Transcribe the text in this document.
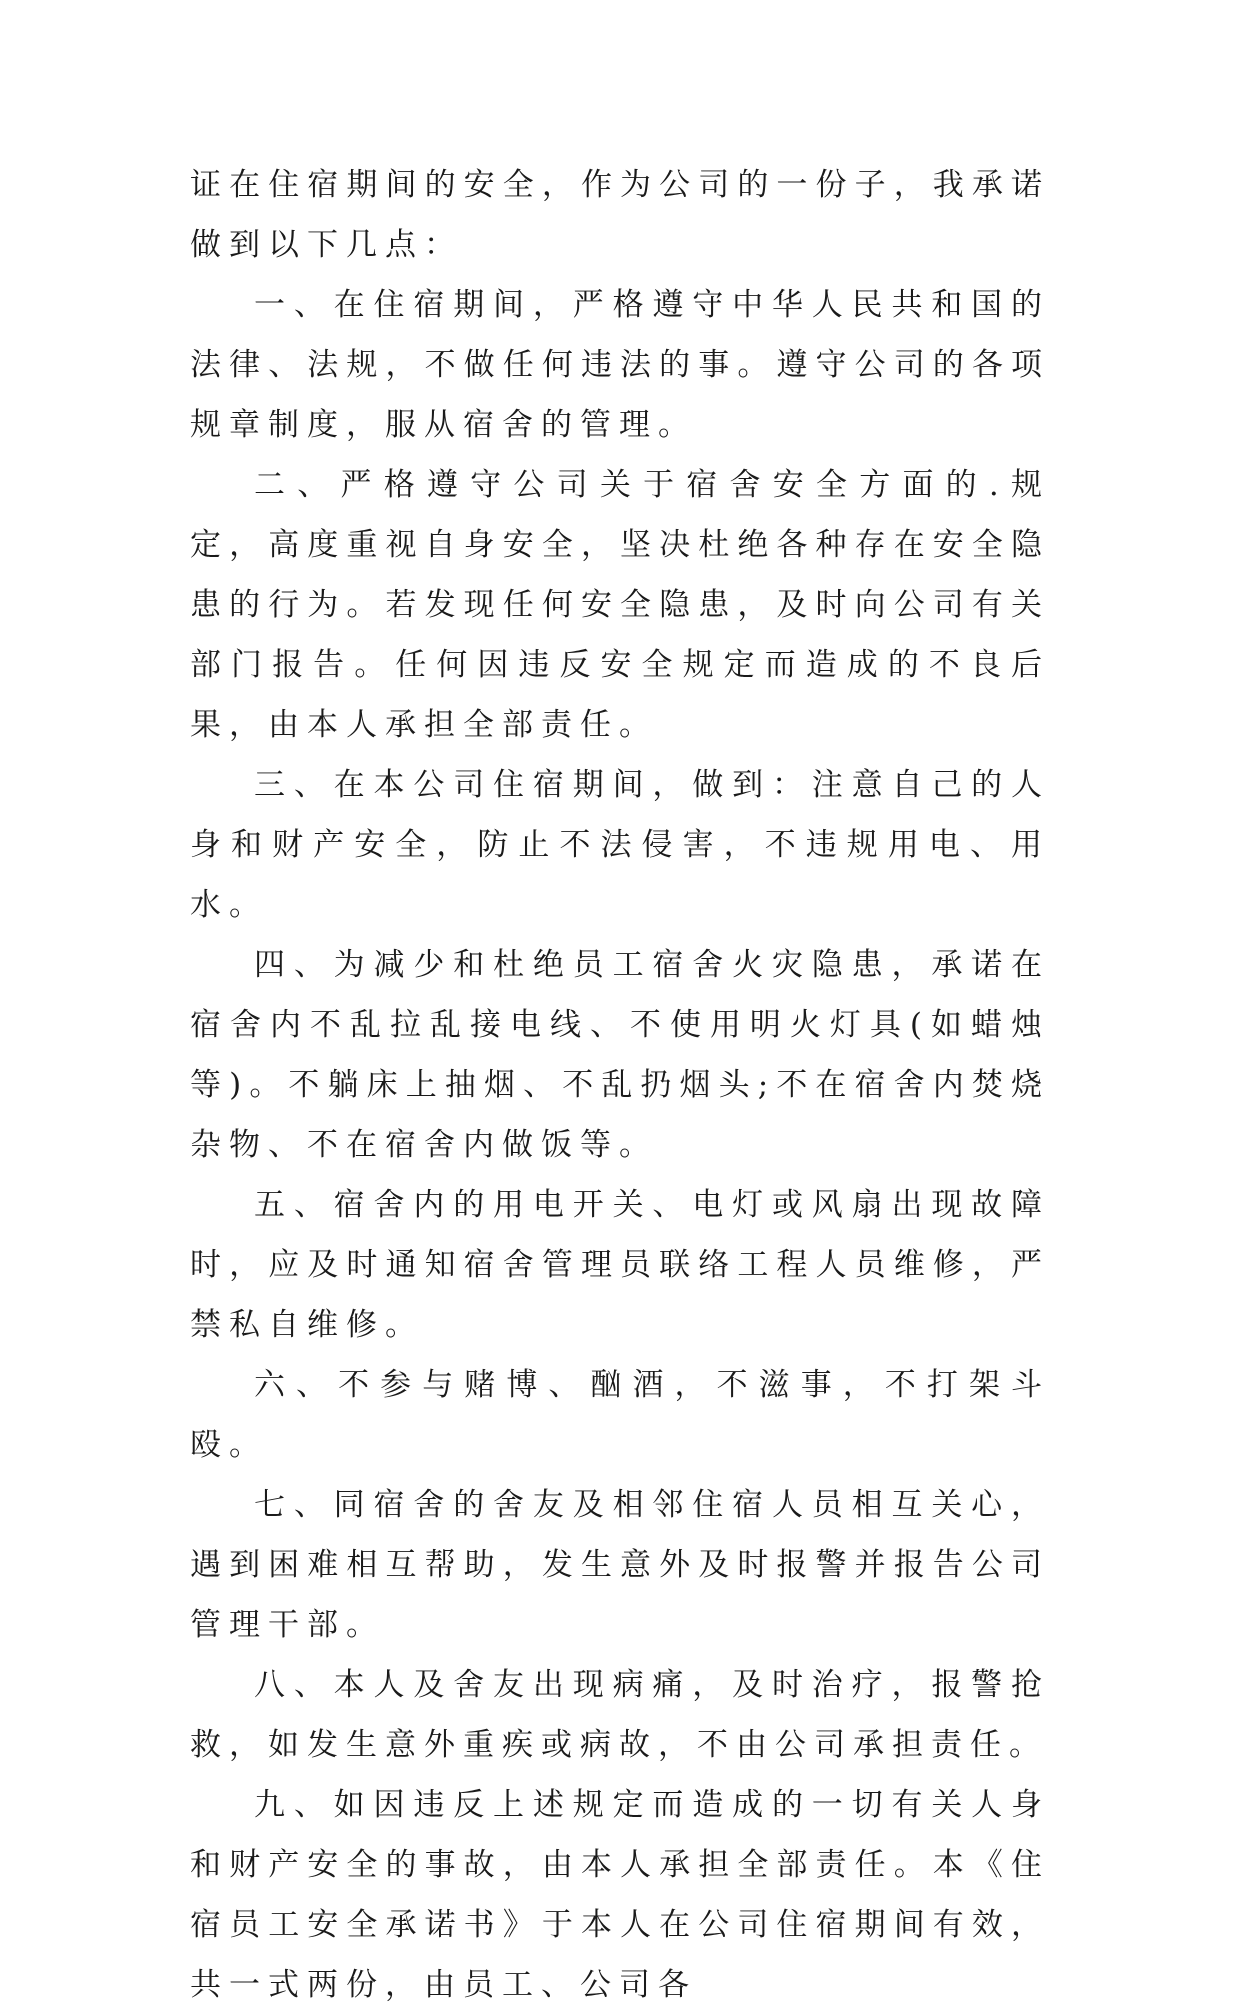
证在住宿期间的安全，作为公司的一份子，我承诺做到以下几点：

一、在住宿期间，严格遵守中华人民共和国的法律、法规，不做任何违法的事。遵守公司的各项规章制度，服从宿舍的管理。

二、严格遵守公司关于宿舍安全方面的.规定，高度重视自身安全，坚决杜绝各种存在安全隐患的行为。若发现任何安全隐患，及时向公司有关部门报告。任何因违反安全规定而造成的不良后果，由本人承担全部责任。

三、在本公司住宿期间，做到：注意自己的人身和财产安全，防止不法侵害，不违规用电、用水。

四、为减少和杜绝员工宿舍火灾隐患，承诺在宿舍内不乱拉乱接电线、不使用明火灯具(如蜡烛等)。不躺床上抽烟、不乱扔烟头;不在宿舍内焚烧杂物、不在宿舍内做饭等。

五、宿舍内的用电开关、电灯或风扇出现故障时，应及时通知宿舍管理员联络工程人员维修，严禁私自维修。

六、不参与赌博、酗酒，不滋事，不打架斗殴。

七、同宿舍的舍友及相邻住宿人员相互关心，遇到困难相互帮助，发生意外及时报警并报告公司管理干部。

八、本人及舍友出现病痛，及时治疗，报警抢救，如发生意外重疾或病故，不由公司承担责任。

九、如因违反上述规定而造成的一切有关人身和财产安全的事故，由本人承担全部责任。本《住宿员工安全承诺书》于本人在公司住宿期间有效，共一式两份，由员工、公司各
